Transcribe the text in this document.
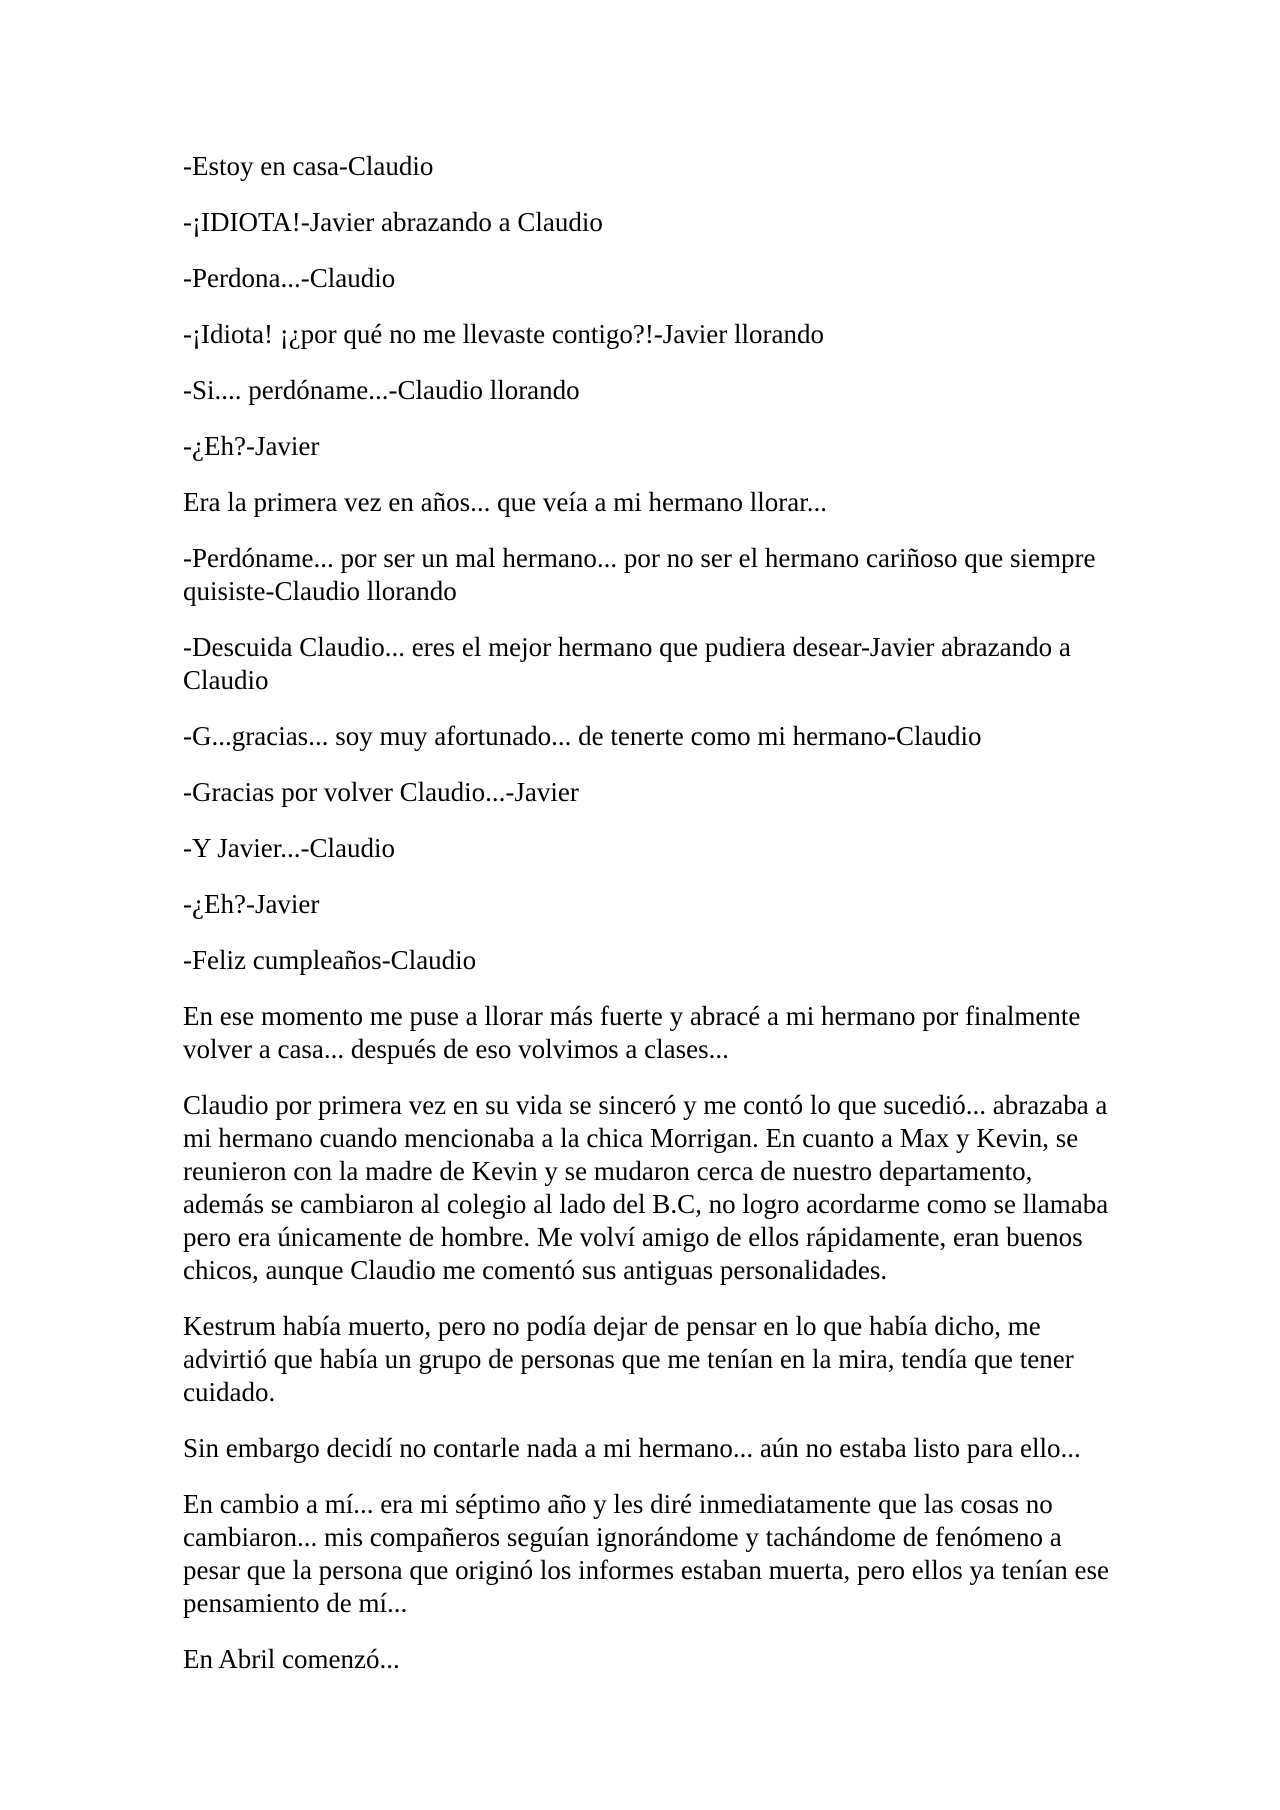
-Estoy en casa-Claudio

-¡IDIOTA!-Javier abrazando a Claudio

-Perdona...-Claudio

-¡Idiota! ¡¿por qué no me llevaste contigo?!-Javier llorando

-Si.... perdóname...-Claudio llorando

-¿Eh?-Javier

Era la primera vez en años... que veía a mi hermano llorar...

-Perdóname... por ser un mal hermano... por no ser el hermano cariñoso que siempre quisiste-Claudio llorando

-Descuida Claudio... eres el mejor hermano que pudiera desear-Javier abrazando a Claudio

-G...gracias... soy muy afortunado... de tenerte como mi hermano-Claudio

-Gracias por volver Claudio...-Javier

-Y Javier...-Claudio

-¿Eh?-Javier

-Feliz cumpleaños-Claudio

En ese momento me puse a llorar más fuerte y abracé a mi hermano por finalmente volver a casa... después de eso volvimos a clases...

Claudio por primera vez en su vida se sinceró y me contó lo que sucedió... abrazaba a mi hermano cuando mencionaba a la chica Morrigan. En cuanto a Max y Kevin, se reunieron con la madre de Kevin y se mudaron cerca de nuestro departamento, además se cambiaron al colegio al lado del B.C, no logro acordarme como se llamaba pero era únicamente de hombre. Me volví amigo de ellos rápidamente, eran buenos chicos, aunque Claudio me comentó sus antiguas personalidades.

Kestrum había muerto, pero no podía dejar de pensar en lo que había dicho, me advirtió que había un grupo de personas que me tenían en la mira, tendía que tener cuidado.

Sin embargo decidí no contarle nada a mi hermano... aún no estaba listo para ello...

En cambio a mí... era mi séptimo año y les diré inmediatamente que las cosas no cambiaron... mis compañeros seguían ignorándome y tachándome de fenómeno a pesar que la persona que originó los informes estaban muerta, pero ellos ya tenían ese pensamiento de mí...

En Abril comenzó...
